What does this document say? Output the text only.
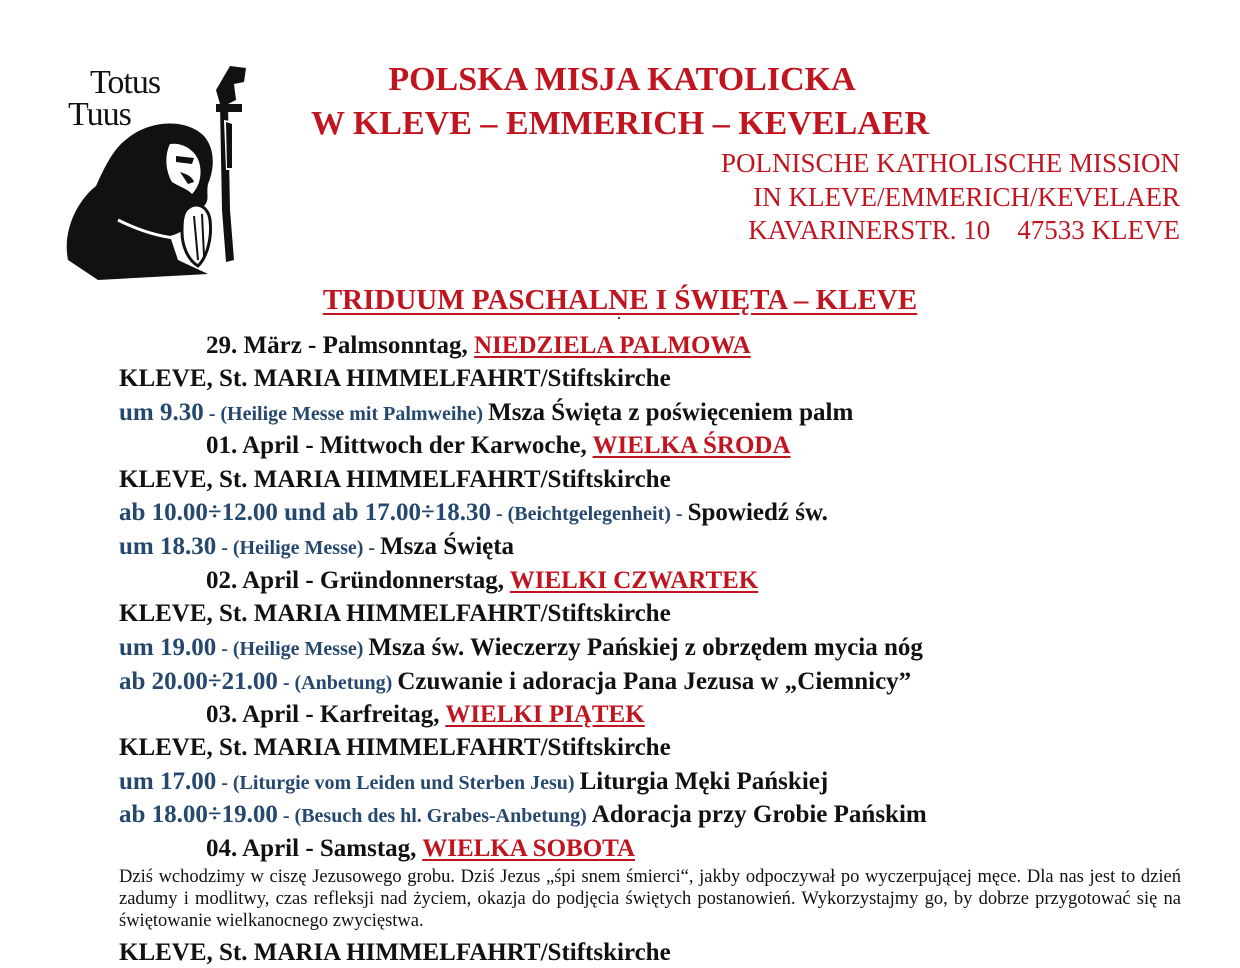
Totus
Tuus
POLSKA MISJA KATOLICKA
W KLEVE – EMMERICH – KEVELAER
POLNISCHE KATHOLISCHE MISSION
IN KLEVE/EMMERICH/KEVELAER
KAVARINERSTR. 10    47533 KLEVE
TRIDUUM PASCHALNE I ŚWIĘTA – KLEVE
29. März - Palmsonntag, NIEDZIELA PALMOWA
KLEVE, St. MARIA HIMMELFAHRT/Stiftskirche
um 9.30 - (Heilige Messe mit Palmweihe) Msza Święta z poświęceniem palm
01. April - Mittwoch der Karwoche, WIELKA ŚRODA
KLEVE, St. MARIA HIMMELFAHRT/Stiftskirche
ab 10.00÷12.00 und ab 17.00÷18.30 - (Beichtgelegenheit) - Spowiedź św.
um 18.30 - (Heilige Messe) - Msza Święta
02. April - Gründonnerstag, WIELKI CZWARTEK
KLEVE, St. MARIA HIMMELFAHRT/Stiftskirche
um 19.00 - (Heilige Messe) Msza św. Wieczerzy Pańskiej z obrzędem mycia nóg
ab 20.00÷21.00 - (Anbetung) Czuwanie i adoracja Pana Jezusa w „Ciemnicy”
03. April - Karfreitag, WIELKI PIĄTEK
KLEVE, St. MARIA HIMMELFAHRT/Stiftskirche
um 17.00 - (Liturgie vom Leiden und Sterben Jesu) Liturgia Męki Pańskiej
ab 18.00÷19.00 - (Besuch des hl. Grabes-Anbetung) Adoracja przy Grobie Pańskim
04. April - Samstag, WIELKA SOBOTA
Dziś wchodzimy w ciszę Jezusowego grobu. Dziś Jezus „śpi snem śmierci“, jakby odpoczywał po wyczerpującej męce. Dla nas jest to dzień zadumy i modlitwy, czas refleksji nad życiem, okazja do podjęcia świętych postanowień. Wykorzystajmy go, by dobrze przygotować się na świętowanie wielkanocnego zwycięstwa.
KLEVE, St. MARIA HIMMELFAHRT/Stiftskirche
